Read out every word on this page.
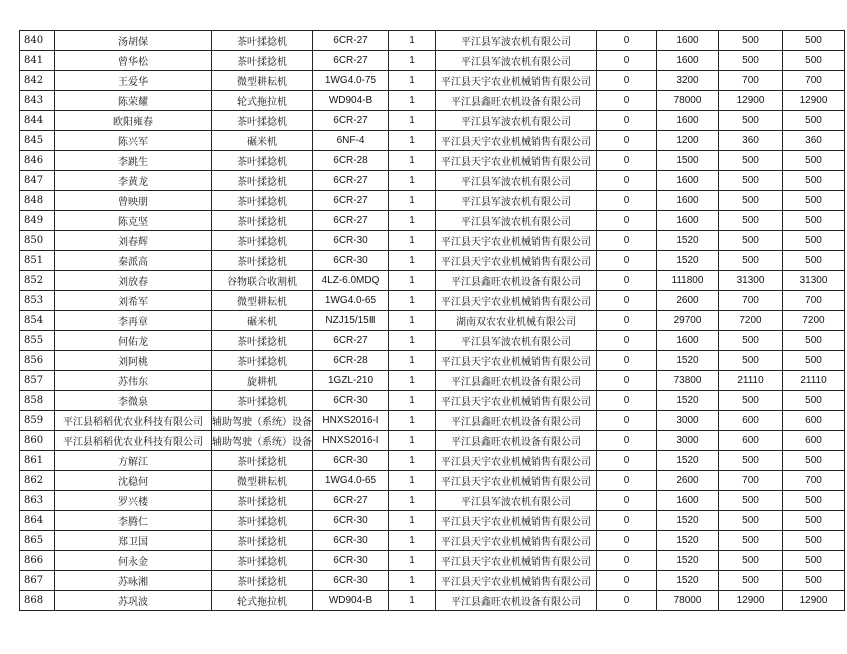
840	汤胡保	茶叶揉捻机	6CR-27	1	平江县军波农机有限公司	0	1600	500	500
841	曾华松	茶叶揉捻机	6CR-27	1	平江县军波农机有限公司	0	1600	500	500
842	王爱华	微型耕耘机	1WG4.0-75	1	平江县天宇农业机械销售有限公司	0	3200	700	700
843	陈荣耀	轮式拖拉机	WD904-B	1	平江县鑫旺农机设备有限公司	0	78000	12900	12900
844	欧阳雍春	茶叶揉捻机	6CR-27	1	平江县军波农机有限公司	0	1600	500	500
845	陈兴军	碾米机	6NF-4	1	平江县天宇农业机械销售有限公司	0	1200	360	360
846	李跳生	茶叶揉捻机	6CR-28	1	平江县天宇农业机械销售有限公司	0	1500	500	500
847	李黄龙	茶叶揉捻机	6CR-27	1	平江县军波农机有限公司	0	1600	500	500
848	曾映朋	茶叶揉捻机	6CR-27	1	平江县军波农机有限公司	0	1600	500	500
849	陈克坚	茶叶揉捻机	6CR-27	1	平江县军波农机有限公司	0	1600	500	500
850	刘春辉	茶叶揉捻机	6CR-30	1	平江县天宇农业机械销售有限公司	0	1520	500	500
851	秦派高	茶叶揉捻机	6CR-30	1	平江县天宇农业机械销售有限公司	0	1520	500	500
852	刘放春	谷物联合收割机	4LZ-6.0MDQ	1	平江县鑫旺农机设备有限公司	0	111800	31300	31300
853	刘希军	微型耕耘机	1WG4.0-65	1	平江县天宇农业机械销售有限公司	0	2600	700	700
854	李再章	碾米机	NZJ15/15Ⅲ	1	湖南双农农业机械有限公司	0	29700	7200	7200
855	何佑龙	茶叶揉捻机	6CR-27	1	平江县军波农机有限公司	0	1600	500	500
856	刘阿桃	茶叶揉捻机	6CR-28	1	平江县天宇农业机械销售有限公司	0	1520	500	500
857	苏伟东	旋耕机	1GZL-210	1	平江县鑫旺农机设备有限公司	0	73800	21110	21110
858	李微泉	茶叶揉捻机	6CR-30	1	平江县天宇农业机械销售有限公司	0	1520	500	500
859	平江县稻稻优农业科技有限公司	辅助驾驶（系统）设备	HNXS2016-I	1	平江县鑫旺农机设备有限公司	0	3000	600	600
860	平江县稻稻优农业科技有限公司	辅助驾驶（系统）设备	HNXS2016-I	1	平江县鑫旺农机设备有限公司	0	3000	600	600
861	方解江	茶叶揉捻机	6CR-30	1	平江县天宇农业机械销售有限公司	0	1520	500	500
862	沈稳何	微型耕耘机	1WG4.0-65	1	平江县天宇农业机械销售有限公司	0	2600	700	700
863	罗兴楼	茶叶揉捻机	6CR-27	1	平江县军波农机有限公司	0	1600	500	500
864	李腾仁	茶叶揉捻机	6CR-30	1	平江县天宇农业机械销售有限公司	0	1520	500	500
865	郑卫国	茶叶揉捻机	6CR-30	1	平江县天宇农业机械销售有限公司	0	1520	500	500
866	何永金	茶叶揉捻机	6CR-30	1	平江县天宇农业机械销售有限公司	0	1520	500	500
867	苏咏湘	茶叶揉捻机	6CR-30	1	平江县天宇农业机械销售有限公司	0	1520	500	500
868	苏巩波	轮式拖拉机	WD904-B	1	平江县鑫旺农机设备有限公司	0	78000	12900	12900
